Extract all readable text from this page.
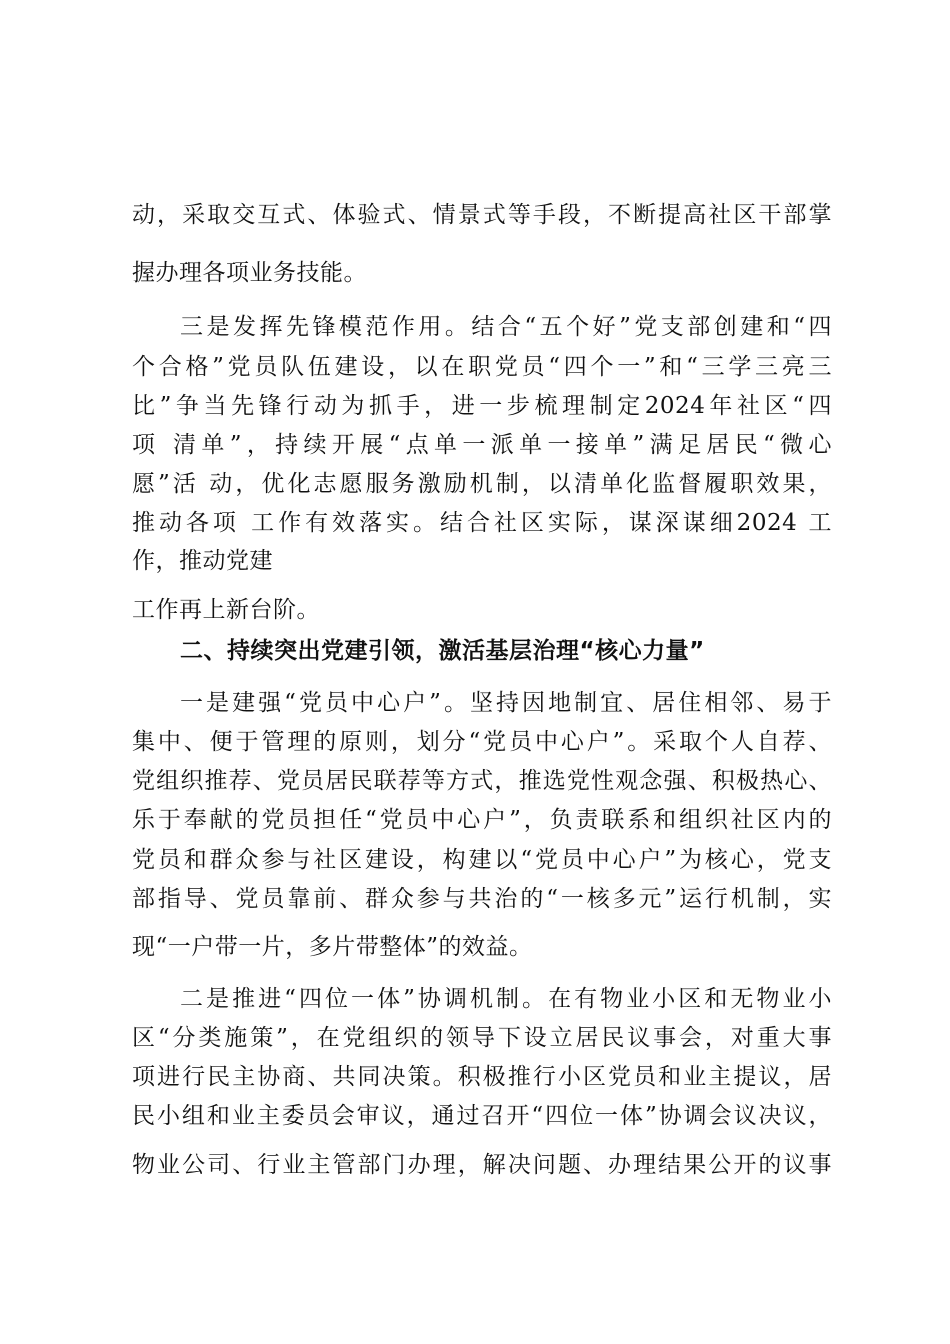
动，采取交互式、体验式、情景式等手段，不断提高社区干部掌

握办理各项业务技能。

三是发挥先锋模范作用。结合“五个好”党支部创建和“四

个合格”党员队伍建设，以在职党员“四个一”和“三学三亮三

比”争当先锋行动为抓手，进一步梳理制定2024年社区“四

项 清单”，持续开展“点单一派单一接单”满足居民“微心

愿”活 动，优化志愿服务激励机制，以清单化监督履职效果，

推动各项 工作有效落实。结合社区实际，谋深谋细2024 工

作，推动党建

工作再上新台阶。

二、持续突出党建引领，激活基层治理“核心力量”

一是建强“党员中心户”。坚持因地制宜、居住相邻、易于

集中、便于管理的原则，划分“党员中心户”。采取个人自荐、

党组织推荐、党员居民联荐等方式，推选党性观念强、积极热心、

乐于奉献的党员担任“党员中心户”，负责联系和组织社区内的

党员和群众参与社区建设，构建以“党员中心户”为核心，党支

部指导、党员靠前、群众参与共治的“一核多元”运行机制，实

现“一户带一片，多片带整体”的效益。

二是推进“四位一体”协调机制。在有物业小区和无物业小

区“分类施策”，在党组织的领导下设立居民议事会，对重大事

项进行民主协商、共同决策。积极推行小区党员和业主提议，居

民小组和业主委员会审议，通过召开“四位一体”协调会议决议，

物业公司、行业主管部门办理，解决问题、办理结果公开的议事
